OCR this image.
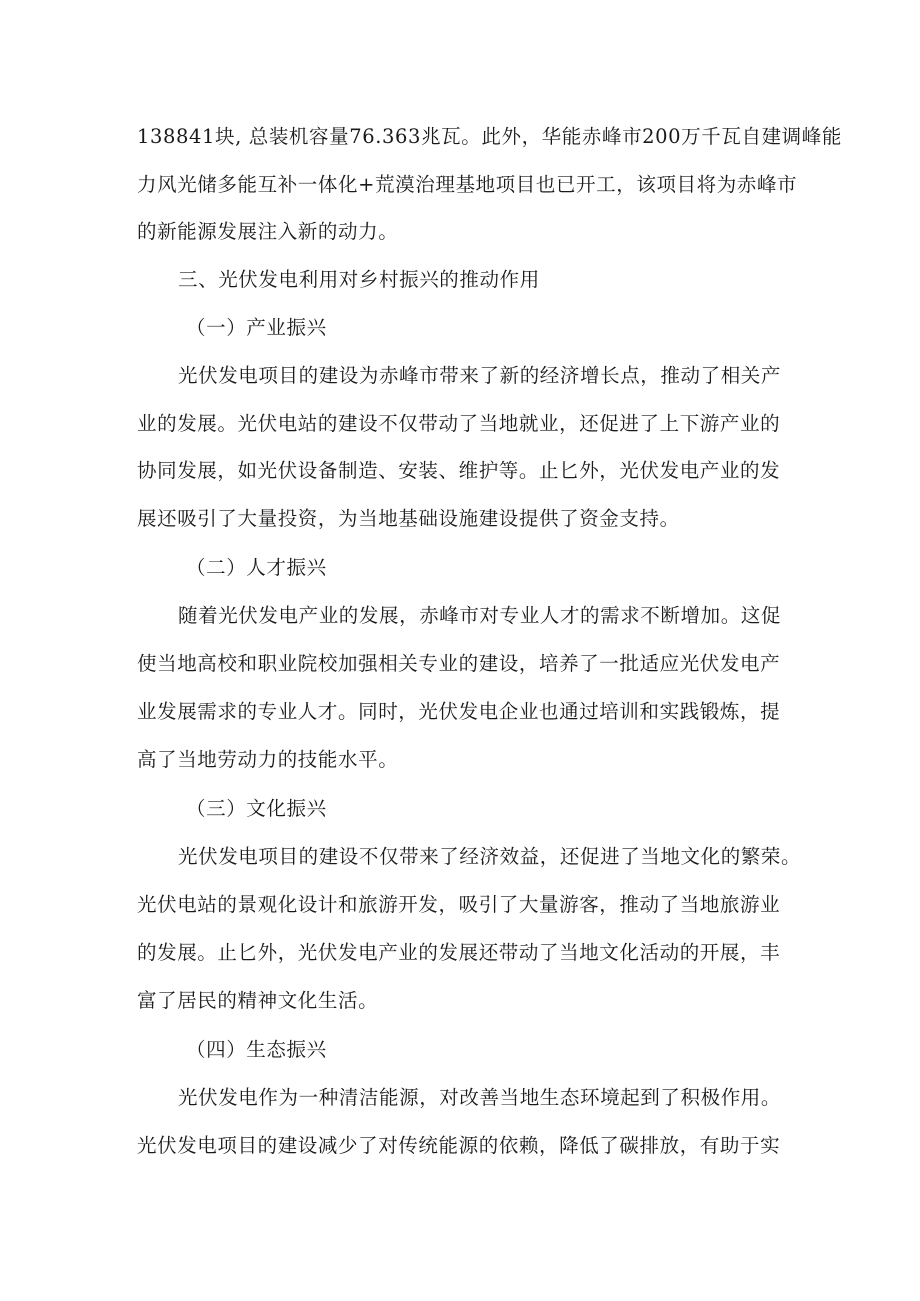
138841块, 总装机容量76.363兆瓦。此外，华能赤峰市200万千瓦自建调峰能
力风光储多能互补一体化+荒漠治理基地项目也已开工，该项目将为赤峰市
的新能源发展注入新的动力。
三、光伏发电利用对乡村振兴的推动作用
（一）产业振兴
光伏发电项目的建设为赤峰市带来了新的经济增长点，推动了相关产
业的发展。光伏电站的建设不仅带动了当地就业，还促进了上下游产业的
协同发展，如光伏设备制造、安装、维护等。止匕外，光伏发电产业的发
展还吸引了大量投资，为当地基础设施建设提供了资金支持。
（二）人才振兴
随着光伏发电产业的发展，赤峰市对专业人才的需求不断增加。这促
使当地高校和职业院校加强相关专业的建设，培养了一批适应光伏发电产
业发展需求的专业人才。同时，光伏发电企业也通过培训和实践锻炼，提
高了当地劳动力的技能水平。
（三）文化振兴
光伏发电项目的建设不仅带来了经济效益，还促进了当地文化的繁荣。
光伏电站的景观化设计和旅游开发，吸引了大量游客，推动了当地旅游业
的发展。止匕外，光伏发电产业的发展还带动了当地文化活动的开展，丰
富了居民的精神文化生活。
（四）生态振兴
光伏发电作为一种清洁能源，对改善当地生态环境起到了积极作用。
光伏发电项目的建设减少了对传统能源的依赖，降低了碳排放，有助于实
